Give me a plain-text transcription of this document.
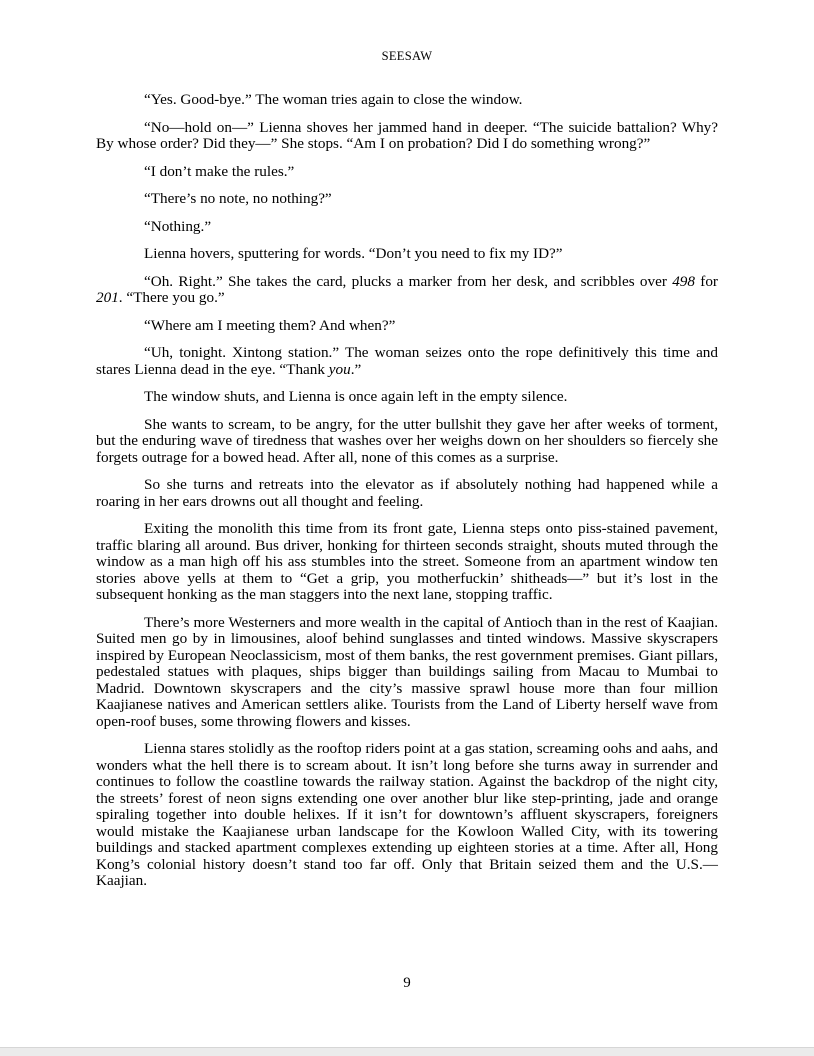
SEESAW

“Yes. Good-bye.” The woman tries again to close the window.

“No—hold on—” Lienna shoves her jammed hand in deeper. “The suicide battalion? Why? By whose order? Did they—” She stops. “Am I on probation? Did I do something wrong?”

“I don’t make the rules.”

“There’s no note, no nothing?”

“Nothing.”

Lienna hovers, sputtering for words. “Don’t you need to fix my ID?”

“Oh. Right.” She takes the card, plucks a marker from her desk, and scribbles over 498 for 201. “There you go.”

“Where am I meeting them? And when?”

“Uh, tonight. Xintong station.” The woman seizes onto the rope definitively this time and stares Lienna dead in the eye. “Thank you.”

The window shuts, and Lienna is once again left in the empty silence.

She wants to scream, to be angry, for the utter bullshit they gave her after weeks of torment, but the enduring wave of tiredness that washes over her weighs down on her shoulders so fiercely she forgets outrage for a bowed head. After all, none of this comes as a surprise.

So she turns and retreats into the elevator as if absolutely nothing had happened while a roaring in her ears drowns out all thought and feeling.

Exiting the monolith this time from its front gate, Lienna steps onto piss-stained pavement, traffic blaring all around. Bus driver, honking for thirteen seconds straight, shouts muted through the window as a man high off his ass stumbles into the street. Someone from an apartment window ten stories above yells at them to “Get a grip, you motherfuckin’ shitheads—” but it’s lost in the subsequent honking as the man staggers into the next lane, stopping traffic.

There’s more Westerners and more wealth in the capital of Antioch than in the rest of Kaajian. Suited men go by in limousines, aloof behind sunglasses and tinted windows. Massive skyscrapers inspired by European Neoclassicism, most of them banks, the rest government premises. Giant pillars, pedestaled statues with plaques, ships bigger than buildings sailing from Macau to Mumbai to Madrid. Downtown skyscrapers and the city’s massive sprawl house more than four million Kaajianese natives and American settlers alike. Tourists from the Land of Liberty herself wave from open-roof buses, some throwing flowers and kisses.

Lienna stares stolidly as the rooftop riders point at a gas station, screaming oohs and aahs, and wonders what the hell there is to scream about. It isn’t long before she turns away in surrender and continues to follow the coastline towards the railway station. Against the backdrop of the night city, the streets’ forest of neon signs extending one over another blur like step-printing, jade and orange spiraling together into double helixes. If it isn’t for downtown’s affluent skyscrapers, foreigners would mistake the Kaajianese urban landscape for the Kowloon Walled City, with its towering buildings and stacked apartment complexes extending up eighteen stories at a time. After all, Hong Kong’s colonial history doesn’t stand too far off. Only that Britain seized them and the U.S.—Kaajian.

9
